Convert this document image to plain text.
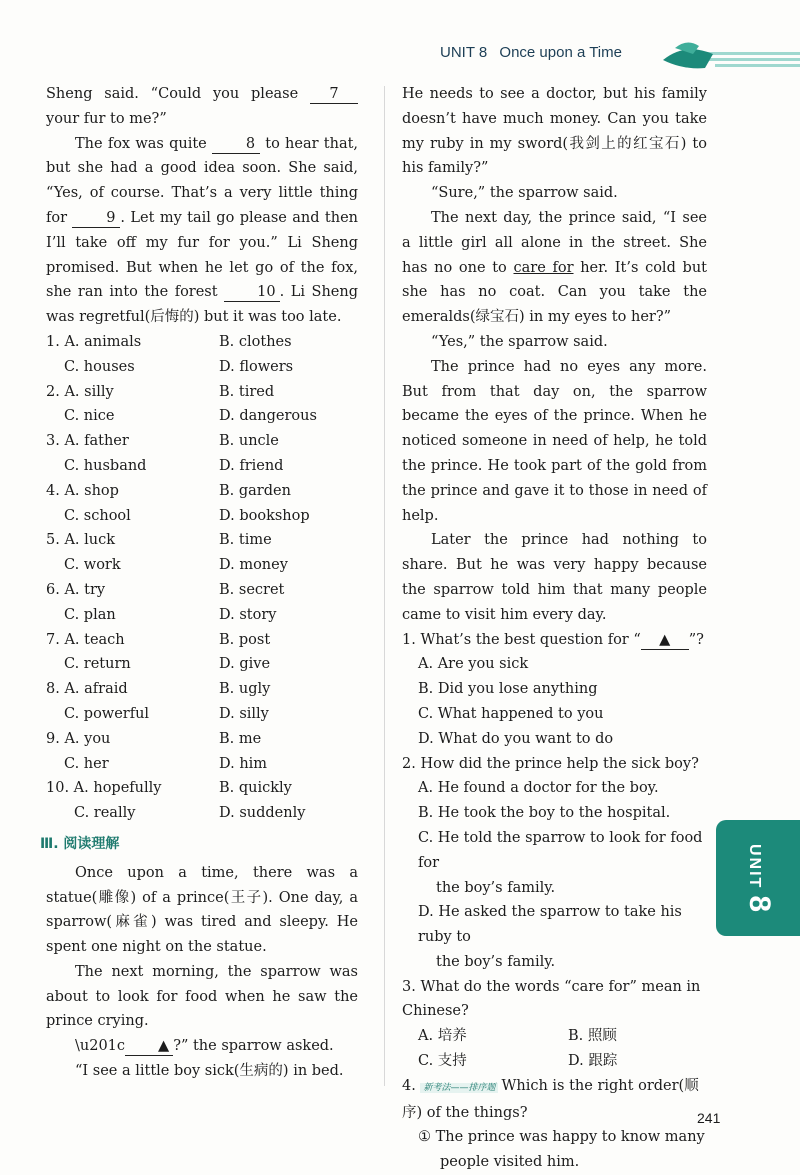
UNIT 8 Once upon a Time

Sheng said. “Could you please 7 your fur to me?”

The fox was quite	8 to hear that, but she had a good idea soon. She said, “Yes, of course. That’s a very little thing for	9 . Let my tail go please and then I’ll take off my fur for you.” Li Sheng promised. But when he let go of the fox, she ran into the forest	10 . Li Sheng was regretful(后悔的) but it was too late.

1. A. animals	B. clothes
C. houses	D. flowers
2. A. silly	B. tired
C. nice	D. dangerous
3. A. father	B. uncle
C. husband	D. friend
4. A. shop	B. garden
C. school	D. bookshop
5. A. luck	B. time
C. work	D. money
6. A. try	B. secret
C. plan	D. story
7. A. teach	B. post
C. return	D. give
8. A. afraid	B. ugly
C. powerful	D. silly
9. A. you	B. me
C. her	D. him
10. A. hopefully	B. quickly
C. really	D. suddenly
Ⅲ. 阅读理解

Once upon a time, there was a statue(雕像) of a prince(王子). One day, a sparrow(麻雀) was tired and sleepy. He spent one night on the statue.

The next morning, the sparrow was about to look for food when he saw the prince crying.

\u201c ▲ ?” the sparrow asked.

“I see a little boy sick(生病的) in bed.

He needs to see a doctor, but his family doesn’t have much money. Can you take my ruby in my sword(我剑上的红宝石) to his family?”

“Sure,” the sparrow said.

The next day, the prince said, “I see a little girl all alone in the street. She has no one to care for her. It’s cold but she has no coat. Can you take the emeralds(绿宝石) in my eyes to her?”

“Yes,” the sparrow said.

The prince had no eyes any more. But from that day on, the sparrow became the eyes of the prince. When he noticed someone in need of help, he told the prince. He took part of the gold from the prince and gave it to those in need of help.

Later the prince had nothing to share. But he was very happy because the sparrow told him that many people came to visit him every day.

1. What’s the best question for “ ▲ ”?
A. Are you sick
B. Did you lose anything
C. What happened to you
D. What do you want to do
2. How did the prince help the sick boy?
A. He found a doctor for the boy.
B. He took the boy to the hospital.
C. He told the sparrow to look for food for
the boy’s family.
D. He asked the sparrow to take his ruby to
the boy’s family.
3. What do the words “care for” mean in Chinese?
A. 培养	B. 照顾
C. 支持	D. 跟踪
4. 新考法——排序题 Which is the right order(顺序) of the things?
① The prince was happy to know many
people visited him.
UNIT8
241
